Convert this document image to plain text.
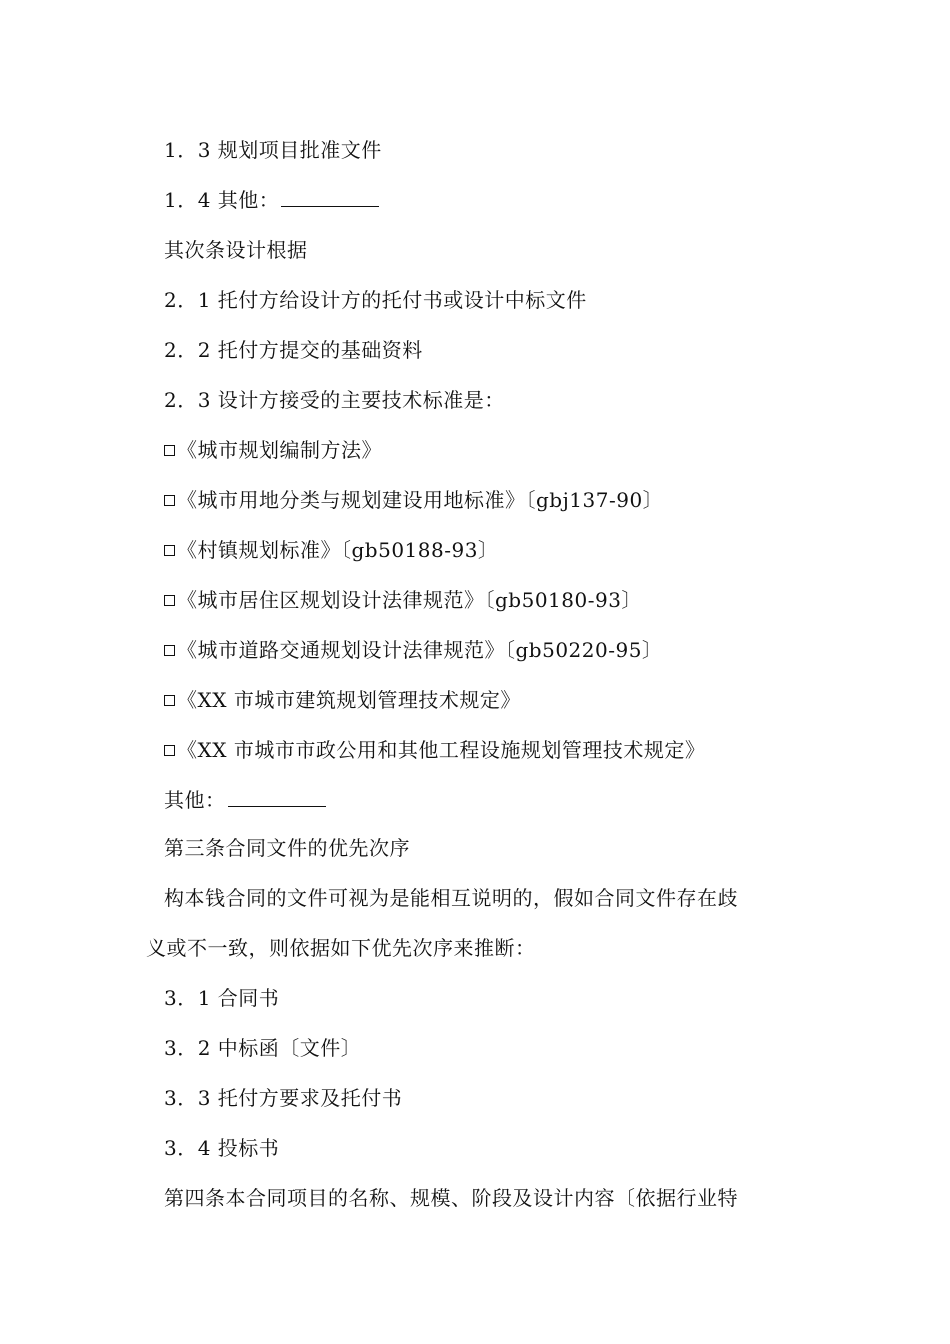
1．3 规划项目批准文件
1．4 其他：
其次条设计根据
2．1 托付方给设计方的托付书或设计中标文件
2．2 托付方提交的基础资料
2．3 设计方接受的主要技术标准是：
《城市规划编制方法》
《城市用地分类与规划建设用地标准》〔gbj137-90〕
《村镇规划标准》〔gb50188-93〕
《城市居住区规划设计法律规范》〔gb50180-93〕
《城市道路交通规划设计法律规范》〔gb50220-95〕
《XX 市城市建筑规划管理技术规定》
《XX 市城市市政公用和其他工程设施规划管理技术规定》
其他：
第三条合同文件的优先次序
构本钱合同的文件可视为是能相互说明的，假如合同文件存在歧
义或不一致，则依据如下优先次序来推断：
3．1 合同书
3．2 中标函〔文件〕
3．3 托付方要求及托付书
3．4 投标书
第四条本合同项目的名称、规模、阶段及设计内容〔依据行业特
